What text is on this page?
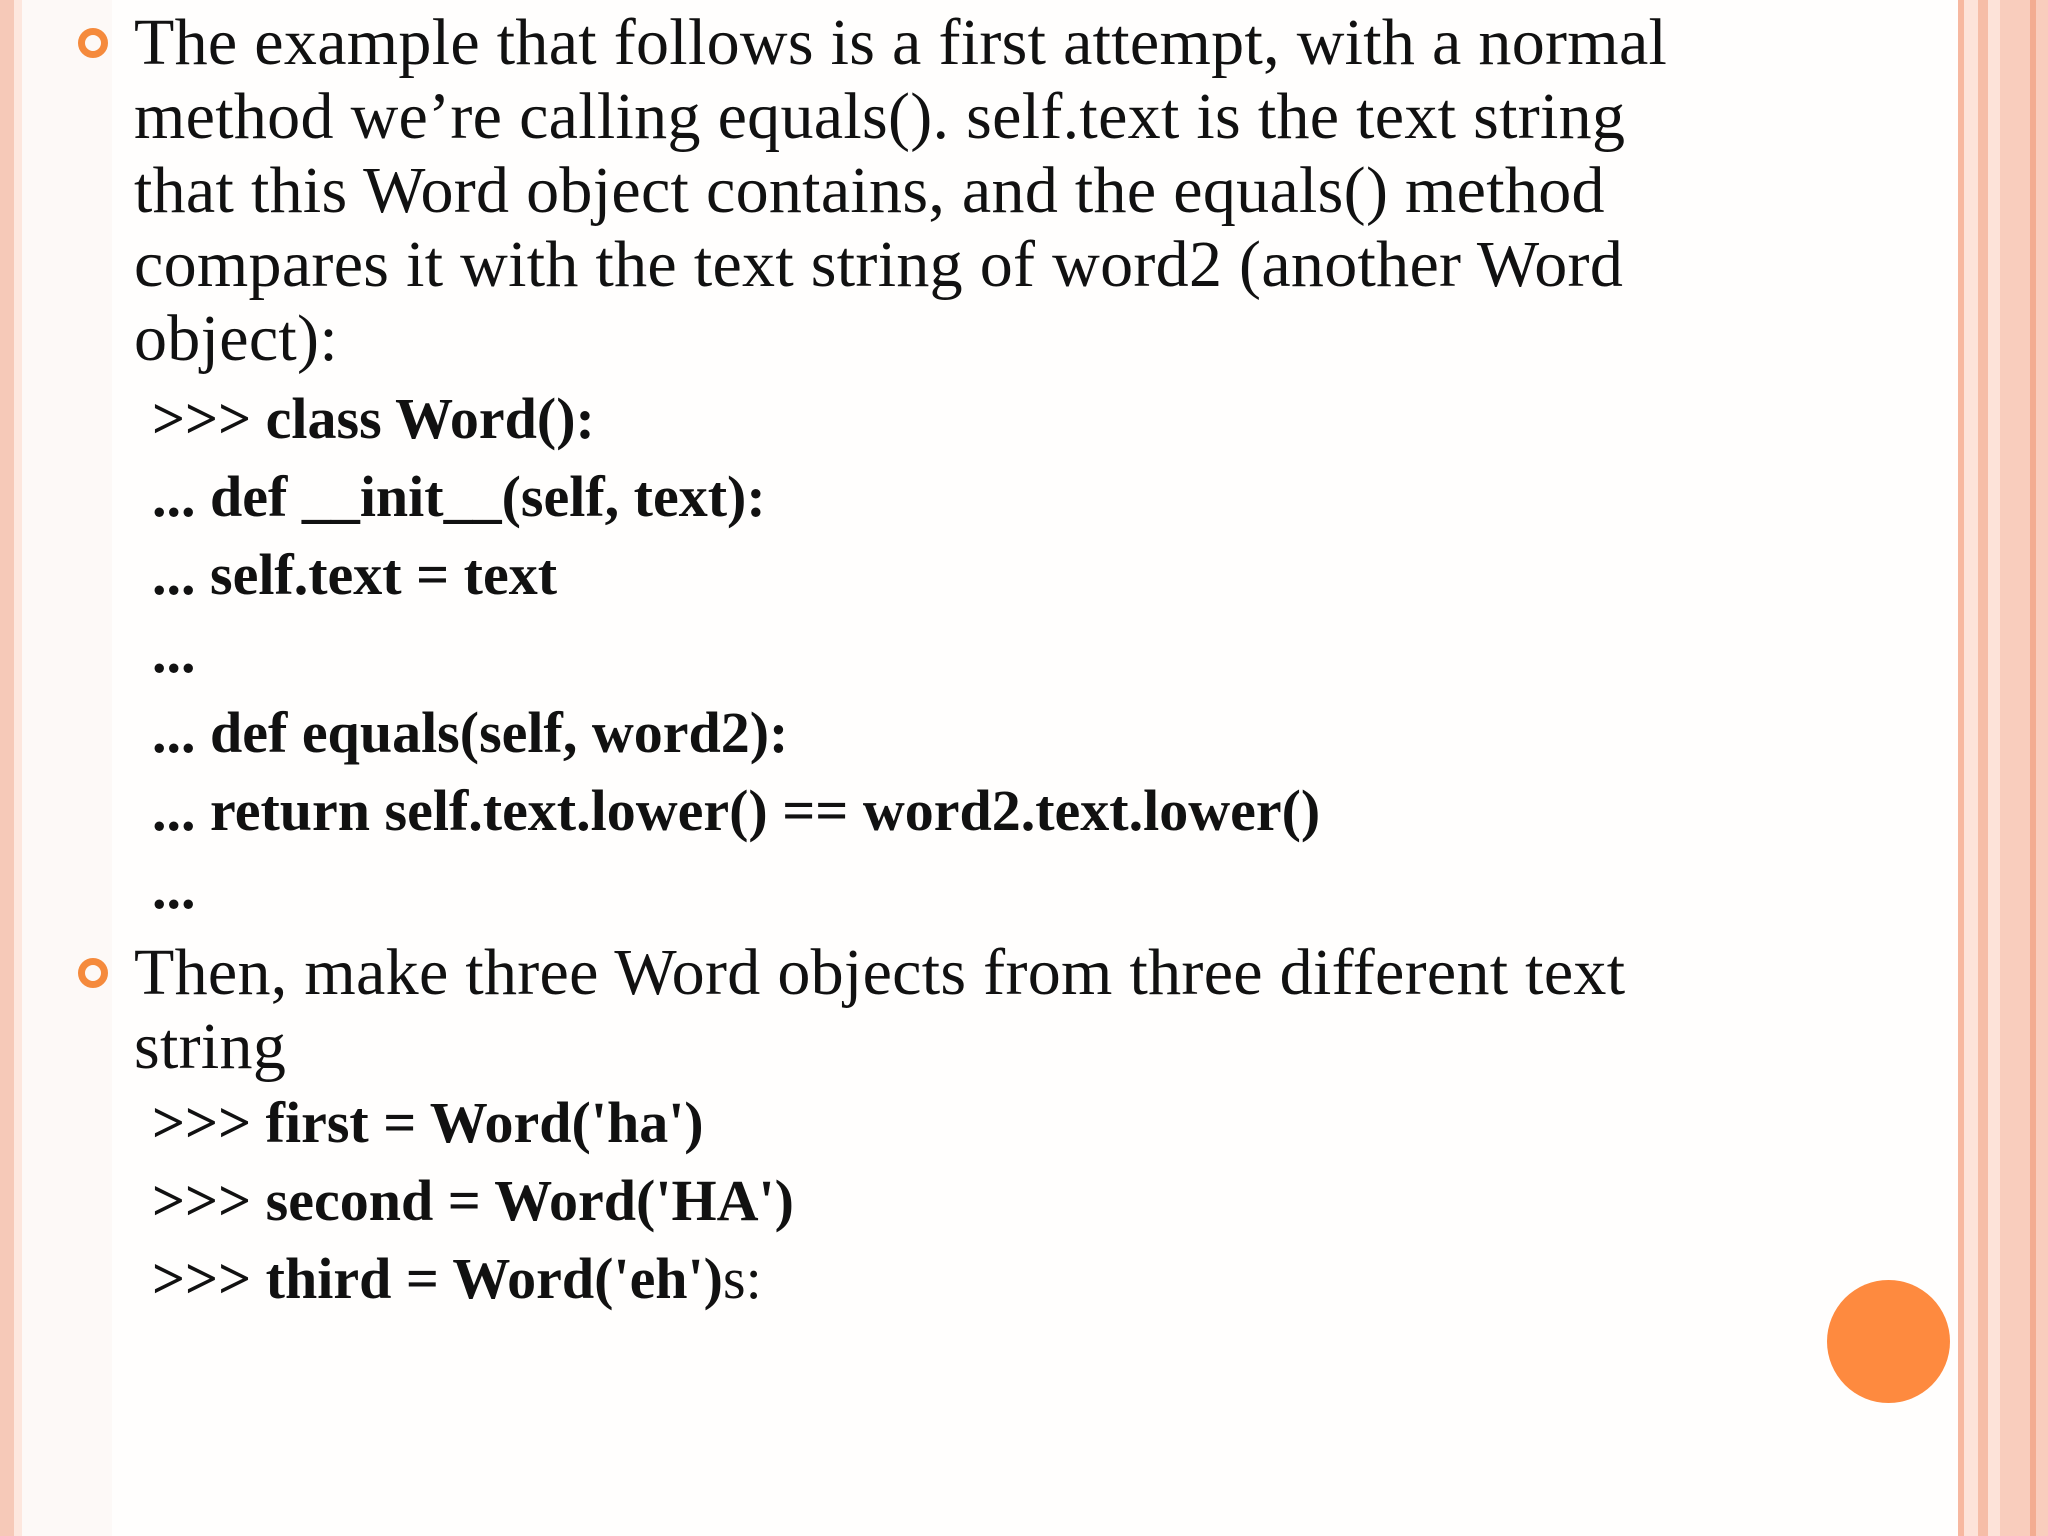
The example that follows is a first attempt, with a normal
method we’re calling equals(). self.text is the text string
that this Word object contains, and the equals() method
compares it with the text string of word2 (another Word
object):
>>> class Word():
... def __init__(self, text):
... self.text = text
...
... def equals(self, word2):
... return self.text.lower() == word2.text.lower()
...
Then, make three Word objects from three different text
string
>>> first = Word('ha')
>>> second = Word('HA')
>>> third = Word('eh')s:
